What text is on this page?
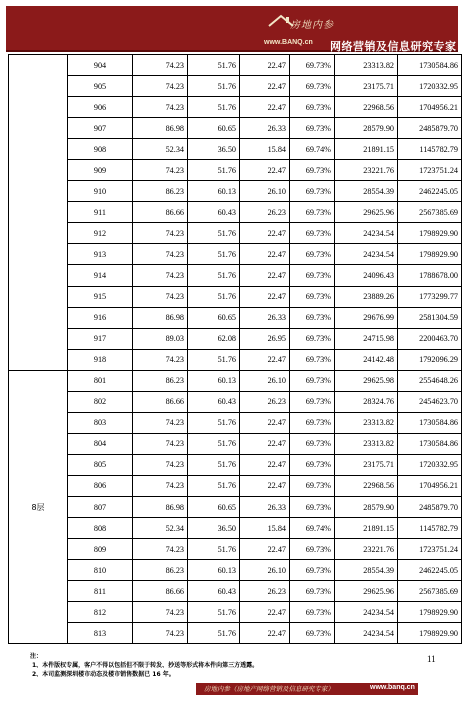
房地内参
www.BANQ.cn 网络营销及信息研究专家
	904	74.23	51.76	22.47	69.73%	23313.82	1730584.86
	905	74.23	51.76	22.47	69.73%	23175.71	1720332.95
	906	74.23	51.76	22.47	69.73%	22968.56	1704956.21
	907	86.98	60.65	26.33	69.73%	28579.90	2485879.70
	908	52.34	36.50	15.84	69.74%	21891.15	1145782.79
	909	74.23	51.76	22.47	69.73%	23221.76	1723751.24
	910	86.23	60.13	26.10	69.73%	28554.39	2462245.05
	911	86.66	60.43	26.23	69.73%	29625.96	2567385.69
	912	74.23	51.76	22.47	69.73%	24234.54	1798929.90
	913	74.23	51.76	22.47	69.73%	24234.54	1798929.90
	914	74.23	51.76	22.47	69.73%	24096.43	1788678.00
	915	74.23	51.76	22.47	69.73%	23889.26	1773299.77
	916	86.98	60.65	26.33	69.73%	29676.99	2581304.59
	917	89.03	62.08	26.95	69.73%	24715.98	2200463.70
	918	74.23	51.76	22.47	69.73%	24142.48	1792096.29
8层	801	86.23	60.13	26.10	69.73%	29625.98	2554648.26
	802	86.66	60.43	26.23	69.73%	28324.76	2454623.70
	803	74.23	51.76	22.47	69.73%	23313.82	1730584.86
	804	74.23	51.76	22.47	69.73%	23313.82	1730584.86
	805	74.23	51.76	22.47	69.73%	23175.71	1720332.95
	806	74.23	51.76	22.47	69.73%	22968.56	1704956.21
	807	86.98	60.65	26.33	69.73%	28579.90	2485879.70
	808	52.34	36.50	15.84	69.74%	21891.15	1145782.79
	809	74.23	51.76	22.47	69.73%	23221.76	1723751.24
	810	86.23	60.13	26.10	69.73%	28554.39	2462245.05
	811	86.66	60.43	26.23	69.73%	29625.96	2567385.69
	812	74.23	51.76	22.47	69.73%	24234.54	1798929.90
	813	74.23	51.76	22.47	69.73%	24234.54	1798929.90
注：
1、本件版权专属，客户不得以包括但不限于转发、抄送等形式将本件向第三方透露。
2、本司监测深圳楼市动态及楼市销售数据已 16 年。
11
房地内参（房地产网络营销及信息研究专家）	www.banq.cn
